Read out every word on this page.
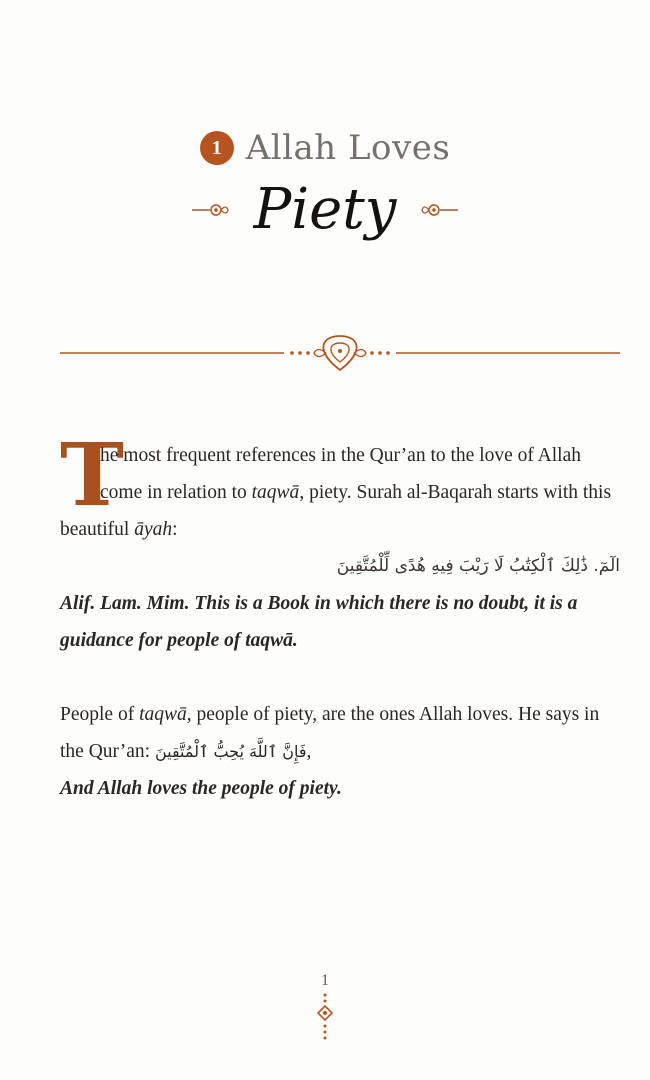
1 Allah Loves
Piety
T
he most frequent references in the Qur’an to the love of Allah come in relation to taqwā, piety. Surah al-Baqarah starts with this beautiful āyah:
الٓمٓ. ذَٰلِكَ ٱلْكِتَٰبُ لَا رَيْبَ فِيهِ هُدًى لِّلْمُتَّقِينَ
Alif. Lam. Mim. This is a Book in which there is no doubt, it is a guidance for people of taqwā.
People of taqwā, people of piety, are the ones Allah loves. He says in the Qur’an: فَإِنَّ ٱللَّهَ يُحِبُّ ٱلْمُتَّقِينَ,
And Allah loves the people of piety.
1
